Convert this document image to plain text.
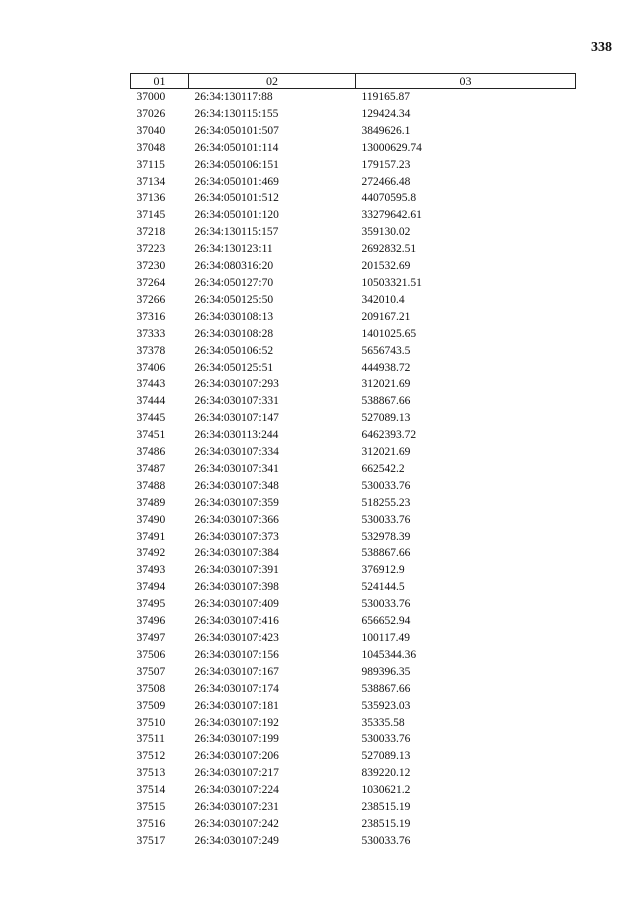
338
01	02	03
37000	26:34:130117:88	119165.87
37026	26:34:130115:155	129424.34
37040	26:34:050101:507	3849626.1
37048	26:34:050101:114	13000629.74
37115	26:34:050106:151	179157.23
37134	26:34:050101:469	272466.48
37136	26:34:050101:512	44070595.8
37145	26:34:050101:120	33279642.61
37218	26:34:130115:157	359130.02
37223	26:34:130123:11	2692832.51
37230	26:34:080316:20	201532.69
37264	26:34:050127:70	10503321.51
37266	26:34:050125:50	342010.4
37316	26:34:030108:13	209167.21
37333	26:34:030108:28	1401025.65
37378	26:34:050106:52	5656743.5
37406	26:34:050125:51	444938.72
37443	26:34:030107:293	312021.69
37444	26:34:030107:331	538867.66
37445	26:34:030107:147	527089.13
37451	26:34:030113:244	6462393.72
37486	26:34:030107:334	312021.69
37487	26:34:030107:341	662542.2
37488	26:34:030107:348	530033.76
37489	26:34:030107:359	518255.23
37490	26:34:030107:366	530033.76
37491	26:34:030107:373	532978.39
37492	26:34:030107:384	538867.66
37493	26:34:030107:391	376912.9
37494	26:34:030107:398	524144.5
37495	26:34:030107:409	530033.76
37496	26:34:030107:416	656652.94
37497	26:34:030107:423	100117.49
37506	26:34:030107:156	1045344.36
37507	26:34:030107:167	989396.35
37508	26:34:030107:174	538867.66
37509	26:34:030107:181	535923.03
37510	26:34:030107:192	35335.58
37511	26:34:030107:199	530033.76
37512	26:34:030107:206	527089.13
37513	26:34:030107:217	839220.12
37514	26:34:030107:224	1030621.2
37515	26:34:030107:231	238515.19
37516	26:34:030107:242	238515.19
37517	26:34:030107:249	530033.76
